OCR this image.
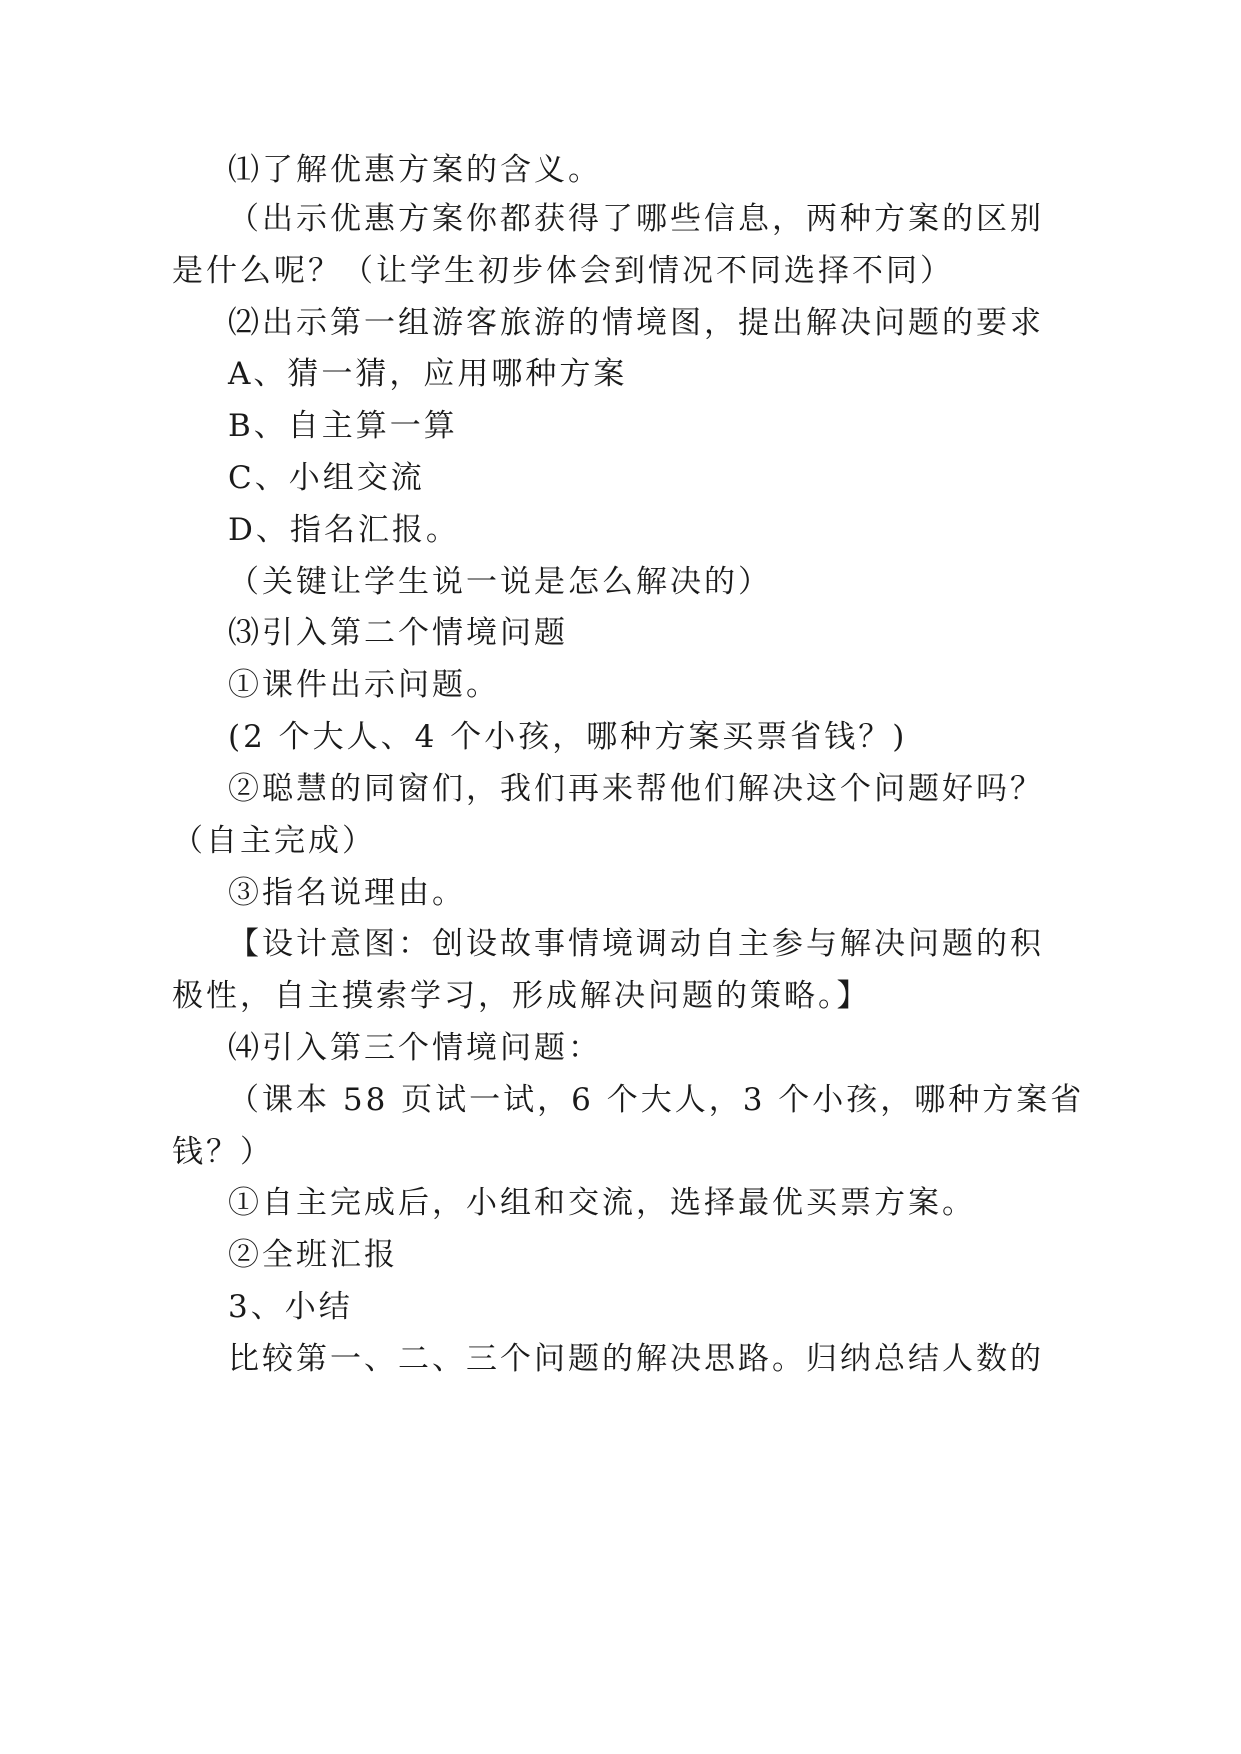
⑴了解优惠方案的含义。
（出示优惠方案你都获得了哪些信息，两种方案的区别
是什么呢？（让学生初步体会到情况不同选择不同）
⑵出示第一组游客旅游的情境图，提出解决问题的要求
A、猜一猜，应用哪种方案
B、自主算一算
C、小组交流
D、指名汇报。
（关键让学生说一说是怎么解决的）
⑶引入第二个情境问题
①课件出示问题。
(2 个大人、4 个小孩，哪种方案买票省钱？)
②聪慧的同窗们，我们再来帮他们解决这个问题好吗？
（自主完成）
③指名说理由。
【设计意图：创设故事情境调动自主参与解决问题的积
极性，自主摸索学习，形成解决问题的策略。】
⑷引入第三个情境问题：
（课本 58 页试一试，6 个大人，3 个小孩，哪种方案省
钱？）
①自主完成后，小组和交流，选择最优买票方案。
②全班汇报
3、小结
比较第一、二、三个问题的解决思路。归纳总结人数的
